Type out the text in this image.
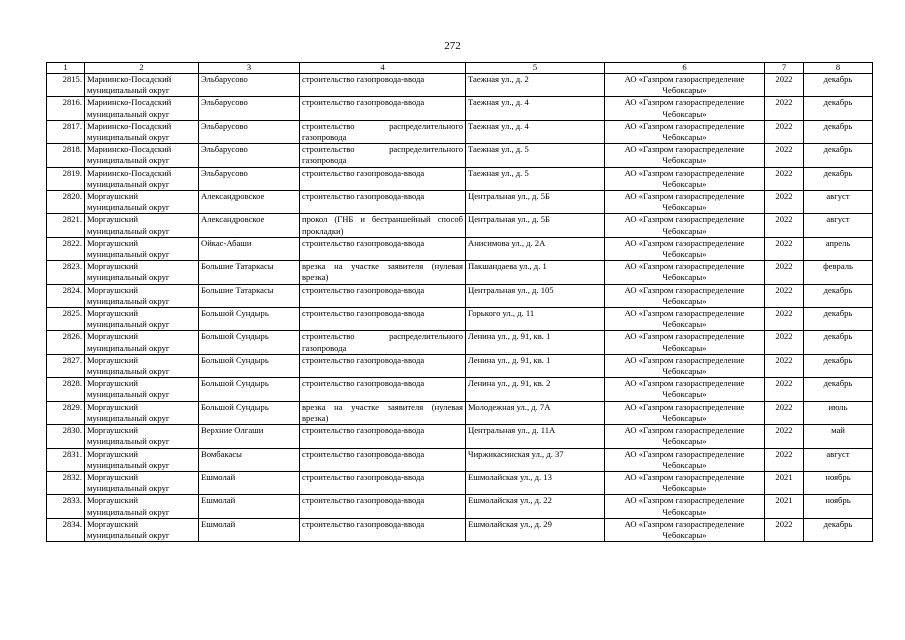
272
1	2	3	4	5	6	7	8
2815.	Мариинско-Посадский муниципальный округ	Эльбарусово	строительство газопровода-ввода	Таежная ул., д. 2	АО «Газпром газораспределение Чебоксары»	2022	декабрь
2816.	Мариинско-Посадский муниципальный округ	Эльбарусово	строительство газопровода-ввода	Таежная ул., д. 4	АО «Газпром газораспределение Чебоксары»	2022	декабрь
2817.	Мариинско-Посадский муниципальный округ	Эльбарусово	строительство распределительного газопровода	Таежная ул., д. 4	АО «Газпром газораспределение Чебоксары»	2022	декабрь
2818.	Мариинско-Посадский муниципальный округ	Эльбарусово	строительство распределительного газопровода	Таежная ул., д. 5	АО «Газпром газораспределение Чебоксары»	2022	декабрь
2819.	Мариинско-Посадский муниципальный округ	Эльбарусово	строительство газопровода-ввода	Таежная ул., д. 5	АО «Газпром газораспределение Чебоксары»	2022	декабрь
2820.	Моргаушский муниципальный округ	Александровское	строительство газопровода-ввода	Центральная ул., д. 5Б	АО «Газпром газораспределение Чебоксары»	2022	август
2821.	Моргаушский муниципальный округ	Александровское	прокол (ГНБ и бестраншейный способ прокладки)	Центральная ул., д. 5Б	АО «Газпром газораспределение Чебоксары»	2022	август
2822.	Моргаушский муниципальный округ	Ойкас-Абаши	строительство газопровода-ввода	Анисимова ул., д. 2А	АО «Газпром газораспределение Чебоксары»	2022	апрель
2823.	Моргаушский муниципальный округ	Большие Татаркасы	врезка на участке заявителя (нулевая врезка)	Пакшандаева ул., д. 1	АО «Газпром газораспределение Чебоксары»	2022	февраль
2824.	Моргаушский муниципальный округ	Большие Татаркасы	строительство газопровода-ввода	Центральная ул., д. 105	АО «Газпром газораспределение Чебоксары»	2022	декабрь
2825.	Моргаушский муниципальный округ	Большой Сундырь	строительство газопровода-ввода	Горького ул., д. 11	АО «Газпром газораспределение Чебоксары»	2022	декабрь
2826.	Моргаушский муниципальный округ	Большой Сундырь	строительство распределительного газопровода	Ленина ул., д. 91, кв. 1	АО «Газпром газораспределение Чебоксары»	2022	декабрь
2827.	Моргаушский муниципальный округ	Большой Сундырь	строительство газопровода-ввода	Ленина ул., д. 91, кв. 1	АО «Газпром газораспределение Чебоксары»	2022	декабрь
2828.	Моргаушский муниципальный округ	Большой Сундырь	строительство газопровода-ввода	Ленина ул., д. 91, кв. 2	АО «Газпром газораспределение Чебоксары»	2022	декабрь
2829.	Моргаушский муниципальный округ	Большой Сундырь	врезка на участке заявителя (нулевая врезка)	Молодежная ул., д. 7А	АО «Газпром газораспределение Чебоксары»	2022	июль
2830.	Моргаушский муниципальный округ	Верхние Олгаши	строительство газопровода-ввода	Центральная ул., д. 11А	АО «Газпром газораспределение Чебоксары»	2022	май
2831.	Моргаушский муниципальный округ	Вомбакасы	строительство газопровода-ввода	Чиржикасинская ул., д. 37	АО «Газпром газораспределение Чебоксары»	2022	август
2832.	Моргаушский муниципальный округ	Ешмолай	строительство газопровода-ввода	Ешмолайская ул., д. 13	АО «Газпром газораспределение Чебоксары»	2021	ноябрь
2833.	Моргаушский муниципальный округ	Ешмолай	строительство газопровода-ввода	Ешмолайская ул., д. 22	АО «Газпром газораспределение Чебоксары»	2021	ноябрь
2834.	Моргаушский муниципальный округ	Ешмолай	строительство газопровода-ввода	Ешмолайская ул., д. 29	АО «Газпром газораспределение Чебоксары»	2022	декабрь
